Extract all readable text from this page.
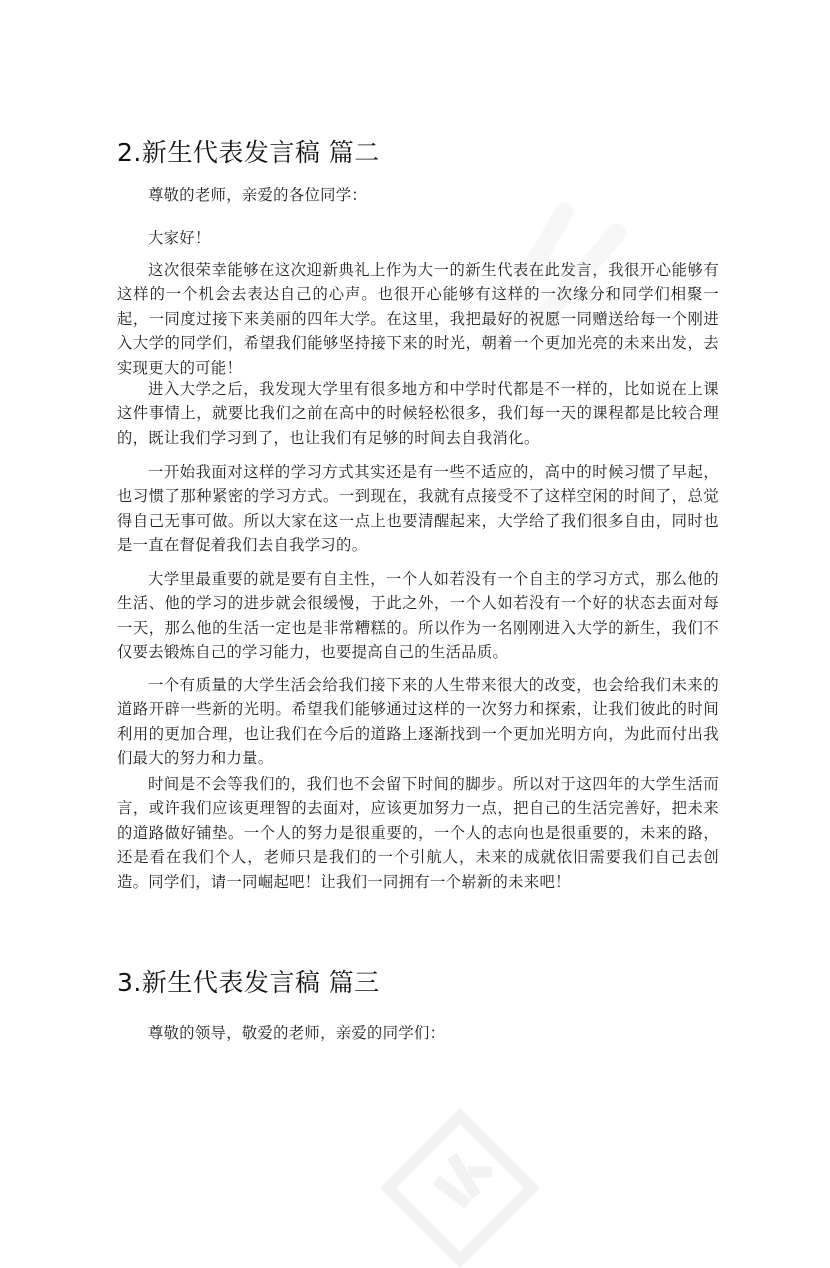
2.新生代表发言稿 篇二

尊敬的老师，亲爱的各位同学：

大家好！

这次很荣幸能够在这次迎新典礼上作为大一的新生代表在此发言，我很开心能够有这样的一个机会去表达自己的心声。也很开心能够有这样的一次缘分和同学们相聚一起，一同度过接下来美丽的四年大学。在这里，我把最好的祝愿一同赠送给每一个刚进入大学的同学们，希望我们能够坚持接下来的时光，朝着一个更加光亮的未来出发，去实现更大的可能！

进入大学之后，我发现大学里有很多地方和中学时代都是不一样的，比如说在上课这件事情上，就要比我们之前在高中的时候轻松很多，我们每一天的课程都是比较合理的，既让我们学习到了，也让我们有足够的时间去自我消化。

一开始我面对这样的学习方式其实还是有一些不适应的，高中的时候习惯了早起，也习惯了那种紧密的学习方式。一到现在，我就有点接受不了这样空闲的时间了，总觉得自己无事可做。所以大家在这一点上也要清醒起来，大学给了我们很多自由，同时也是一直在督促着我们去自我学习的。

大学里最重要的就是要有自主性，一个人如若没有一个自主的学习方式，那么他的生活、他的学习的进步就会很缓慢，于此之外，一个人如若没有一个好的状态去面对每一天，那么他的生活一定也是非常糟糕的。所以作为一名刚刚进入大学的新生，我们不仅要去锻炼自己的学习能力，也要提高自己的生活品质。

一个有质量的大学生活会给我们接下来的人生带来很大的改变，也会给我们未来的道路开辟一些新的光明。希望我们能够通过这样的一次努力和探索，让我们彼此的时间利用的更加合理，也让我们在今后的道路上逐渐找到一个更加光明方向，为此而付出我们最大的努力和力量。

时间是不会等我们的，我们也不会留下时间的脚步。所以对于这四年的大学生活而言，或许我们应该更理智的去面对，应该更加努力一点，把自己的生活完善好，把未来的道路做好铺垫。一个人的努力是很重要的，一个人的志向也是很重要的，未来的路，还是看在我们个人，老师只是我们的一个引航人，未来的成就依旧需要我们自己去创造。同学们，请一同崛起吧！让我们一同拥有一个崭新的未来吧！

3.新生代表发言稿 篇三

尊敬的领导，敬爱的老师，亲爱的同学们：
